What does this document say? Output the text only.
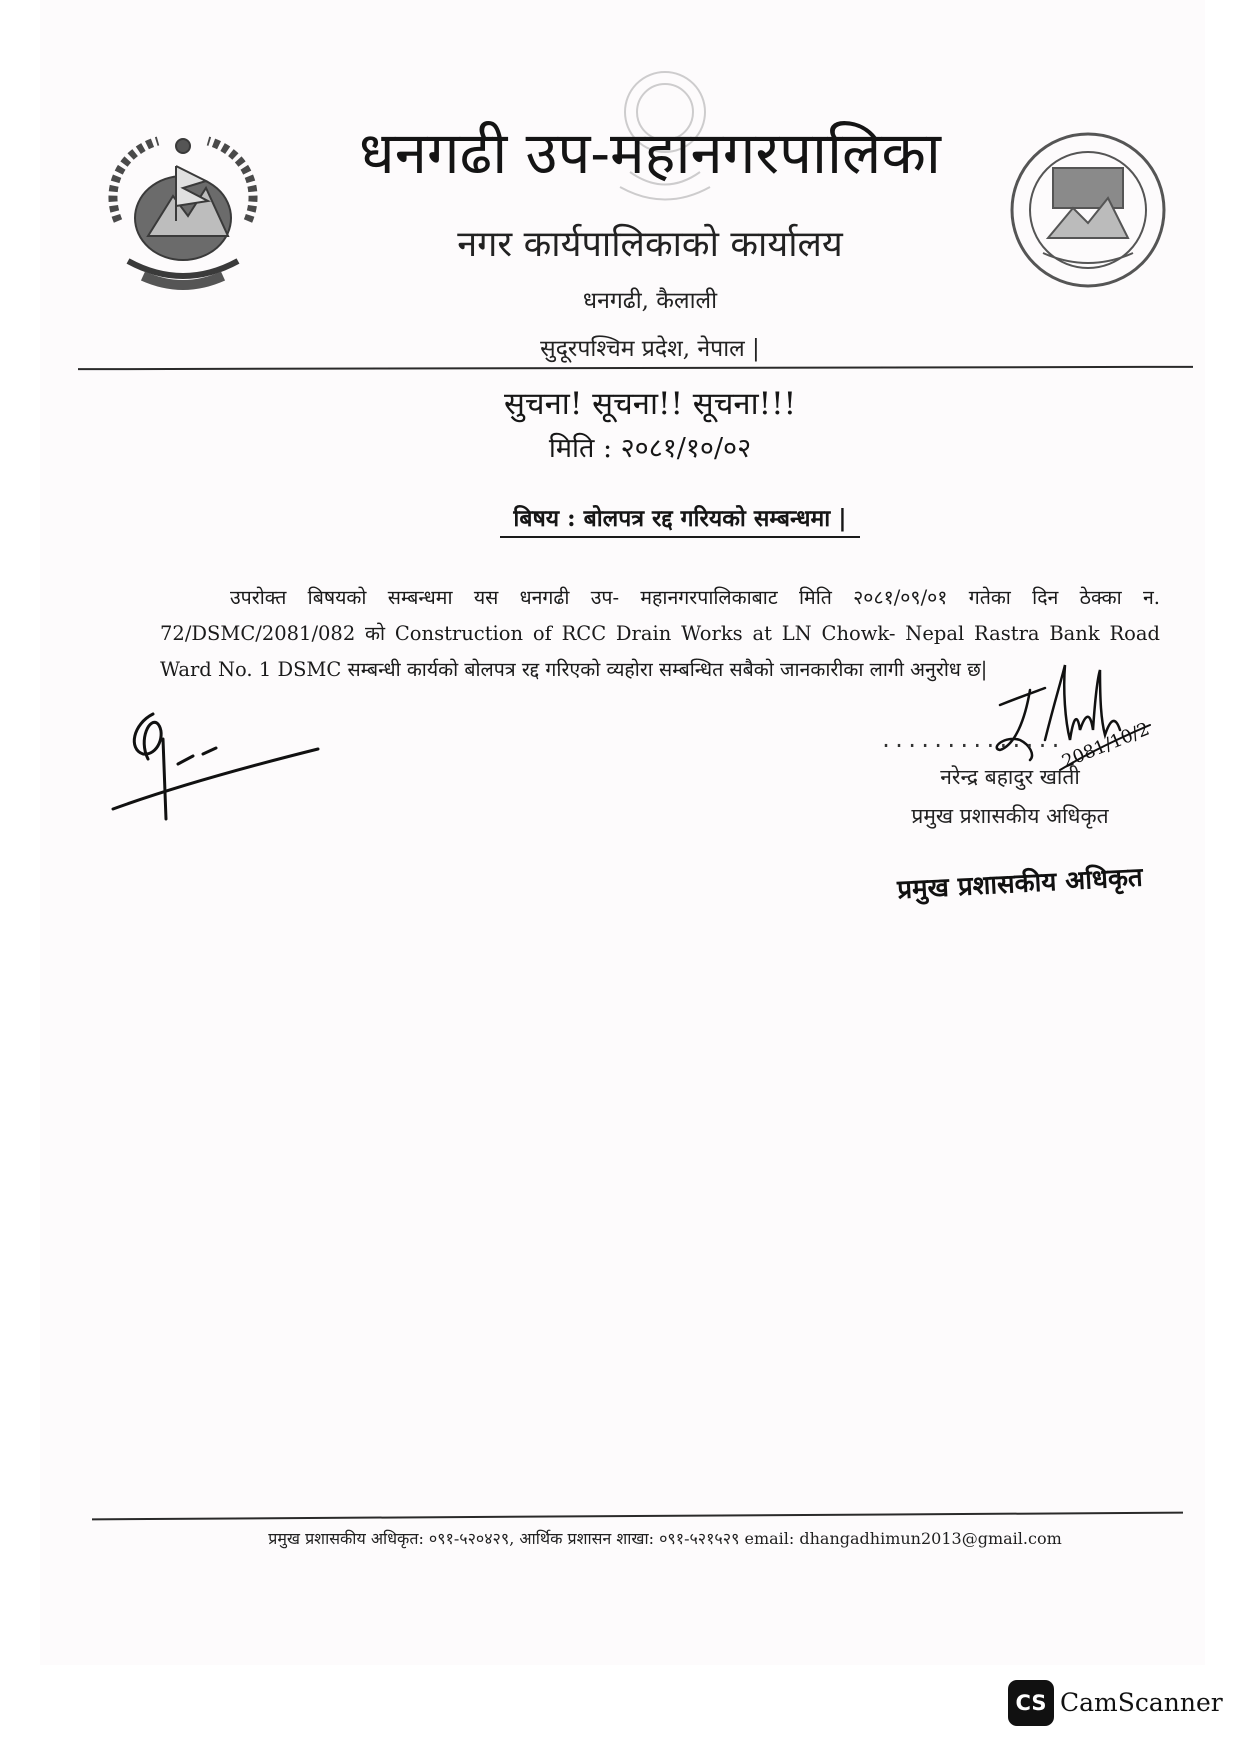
धनगढी उप-महानगरपालिका
नगर कार्यपालिकाको कार्यालय
धनगढी, कैलाली
सुदूरपश्चिम प्रदेश, नेपाल |
सुचना! सूचना!! सूचना!!!
मिति : २०८१/१०/०२
बिषय : बोलपत्र रद्द गरियको सम्बन्धमा |

उपरोक्त बिषयको सम्बन्धमा यस धनगढी उप- महानगरपालिकाबाट मिति २०८१/०९/०१ गतेका दिन ठेक्का न. 72/DSMC/2081/082 को Construction of RCC Drain Works at LN Chowk- Nepal Rastra Bank Road Ward No. 1 DSMC सम्बन्धी कार्यको बोलपत्र रद्द गरिएको व्यहोरा सम्बन्धित सबैको जानकारीका लागी अनुरोध छ|

2081/10/2
..............
नरेन्द्र बहादुर खाती
प्रमुख प्रशासकीय अधिकृत
प्रमुख प्रशासकीय अधिकृत
प्रमुख प्रशासकीय अधिकृत: ०९१-५२०४२९, आर्थिक प्रशासन शाखा: ०९१-५२१५२९ email: dhangadhimun2013@gmail.com
CS CamScanner
